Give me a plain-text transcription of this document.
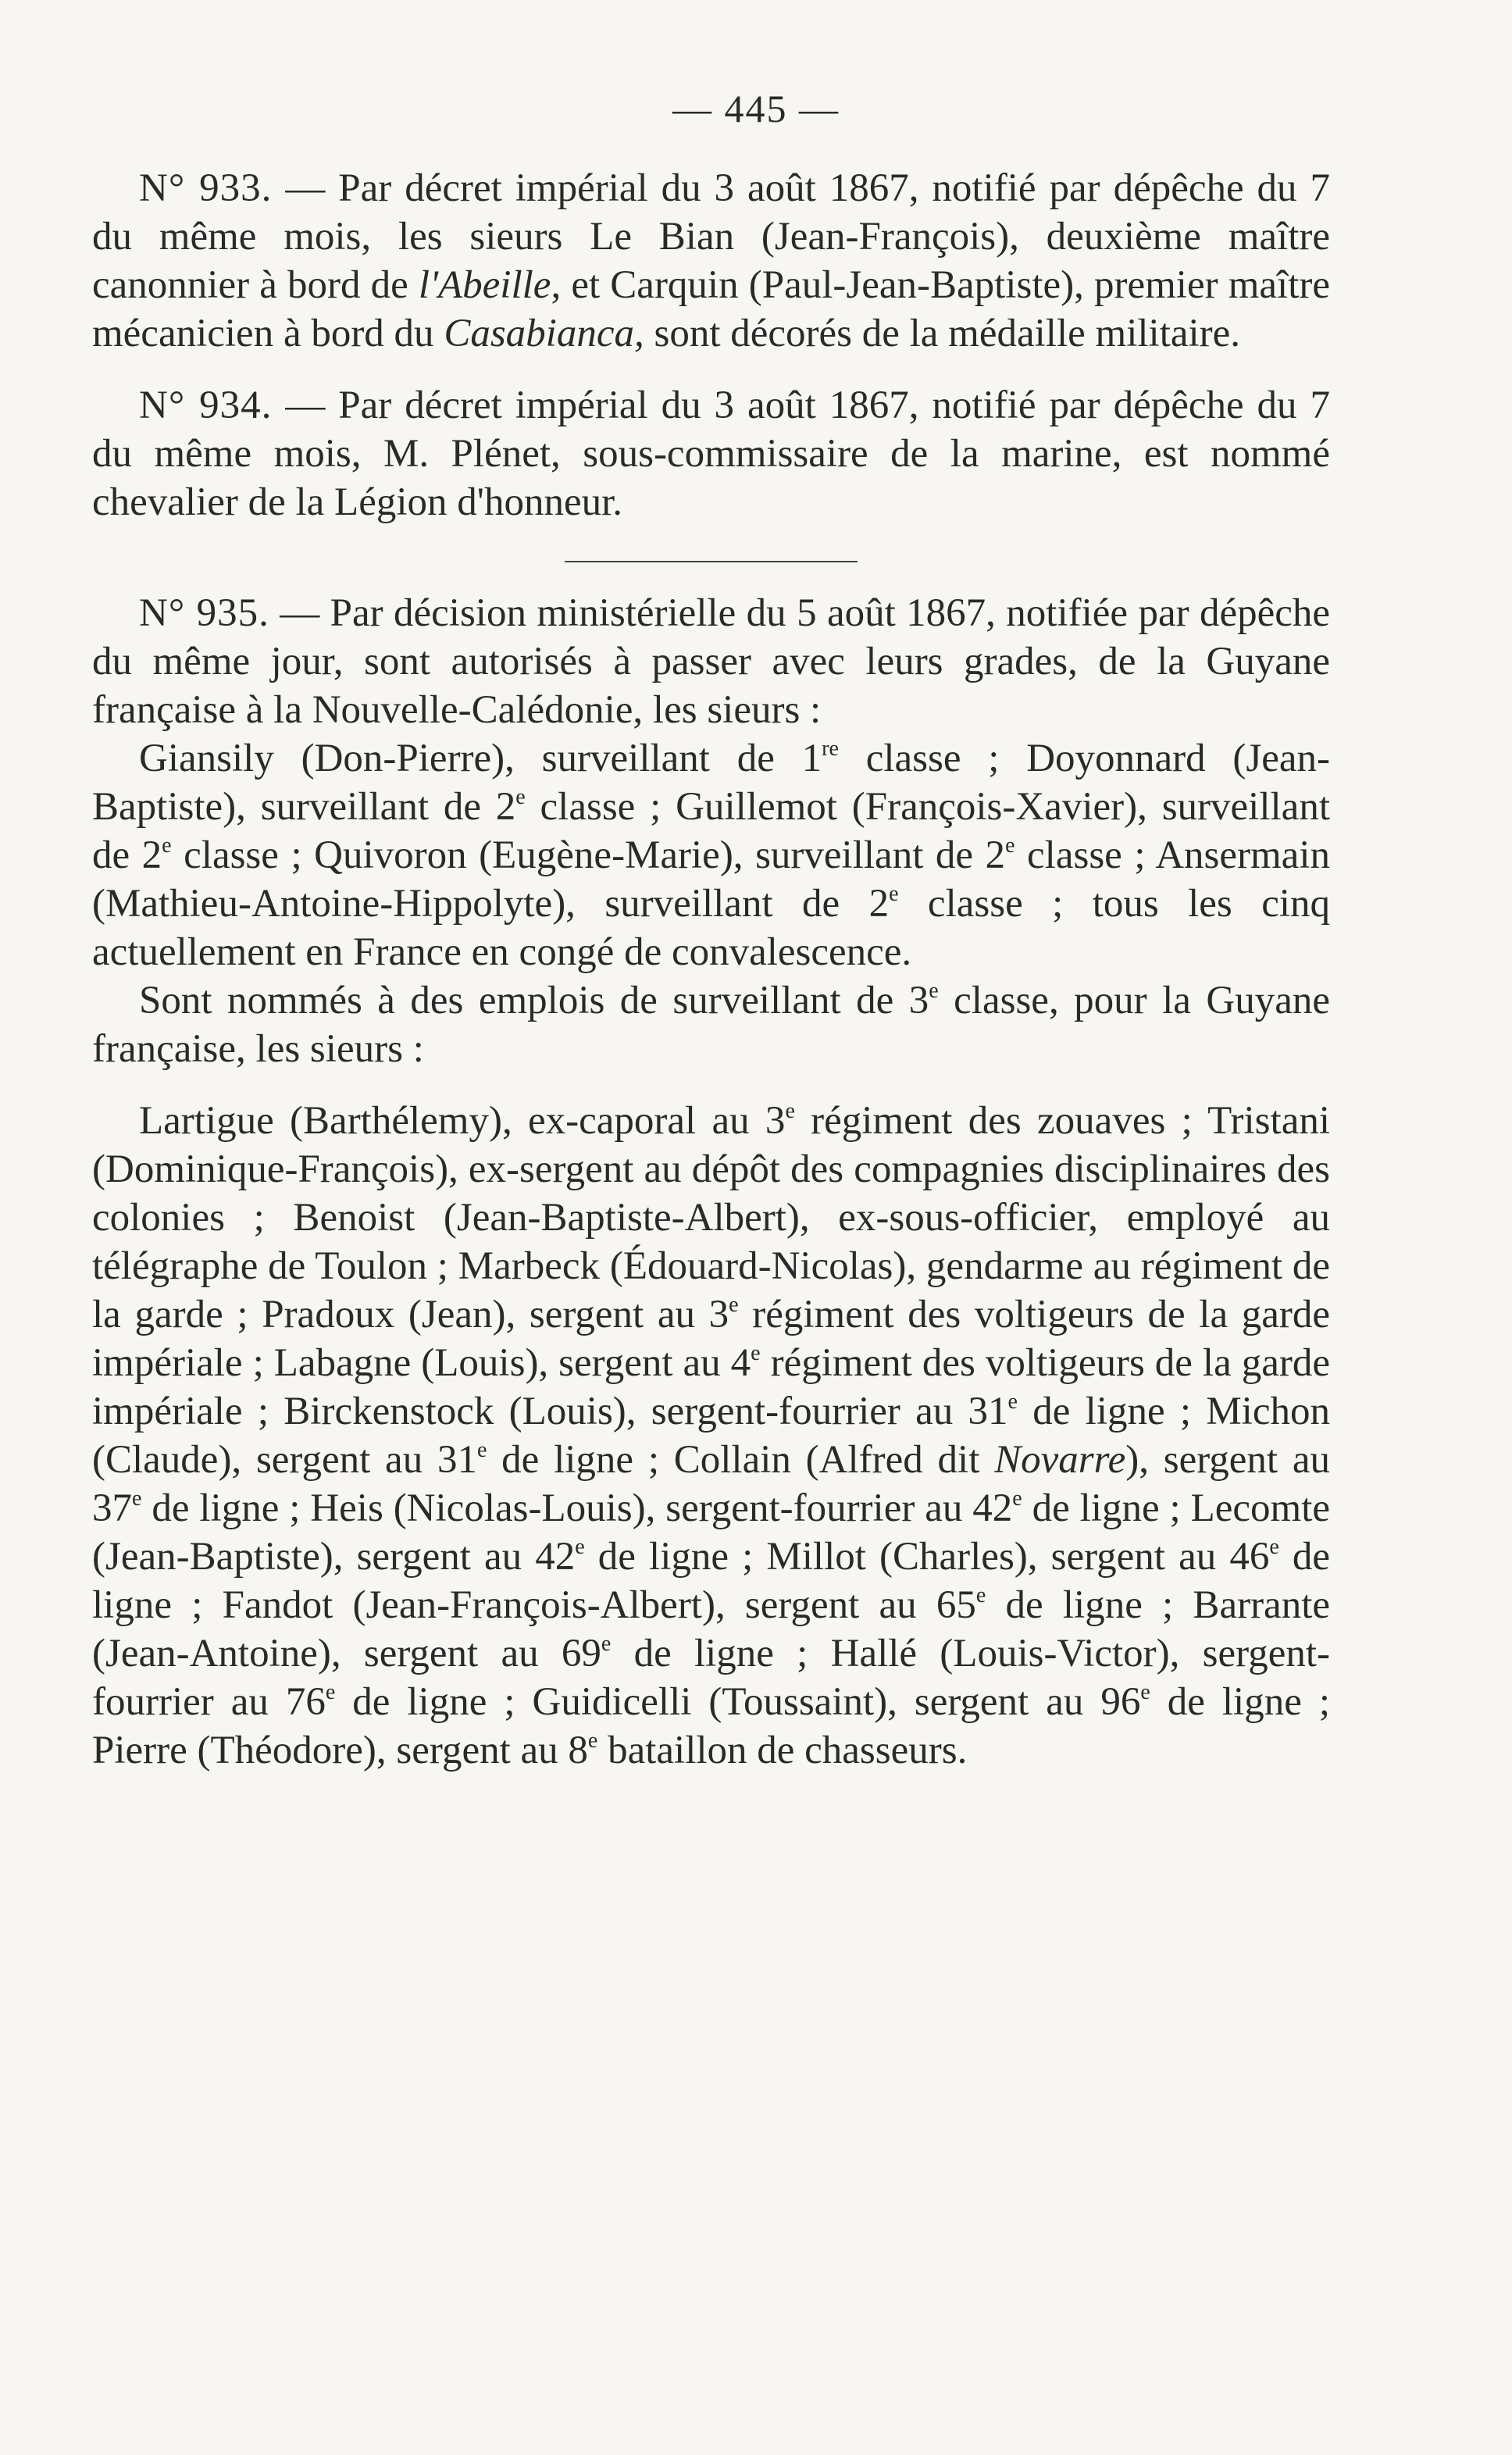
— 445 —

N° 933. — Par décret impérial du 3 août 1867, notifié par dépêche du 7 du même mois, les sieurs Le Bian (Jean-François), deuxième maître canonnier à bord de l'Abeille, et Carquin (Paul-Jean-Baptiste), premier maître mécanicien à bord du Casabianca, sont décorés de la médaille militaire.

N° 934. — Par décret impérial du 3 août 1867, notifié par dépêche du 7 du même mois, M. Plénet, sous-commissaire de la marine, est nommé chevalier de la Légion d'honneur.

N° 935. — Par décision ministérielle du 5 août 1867, notifiée par dépêche du même jour, sont autorisés à passer avec leurs grades, de la Guyane française à la Nouvelle-Calédonie, les sieurs :

Giansily (Don-Pierre), surveillant de 1re classe ; Doyonnard (Jean-Baptiste), surveillant de 2e classe ; Guillemot (François-Xavier), surveillant de 2e classe ; Quivoron (Eugène-Marie), surveillant de 2e classe ; Ansermain (Mathieu-Antoine-Hippolyte), surveillant de 2e classe ; tous les cinq actuellement en France en congé de convalescence.

Sont nommés à des emplois de surveillant de 3e classe, pour la Guyane française, les sieurs :

Lartigue (Barthélemy), ex-caporal au 3e régiment des zouaves ; Tristani (Dominique-François), ex-sergent au dépôt des compagnies disciplinaires des colonies ; Benoist (Jean-Baptiste-Albert), ex-sous-officier, employé au télégraphe de Toulon ; Marbeck (Édouard-Nicolas), gendarme au régiment de la garde ; Pradoux (Jean), sergent au 3e régiment des voltigeurs de la garde impériale ; Labagne (Louis), sergent au 4e régiment des voltigeurs de la garde impériale ; Birckenstock (Louis), sergent-fourrier au 31e de ligne ; Michon (Claude), sergent au 31e de ligne ; Collain (Alfred dit Novarre), sergent au 37e de ligne ; Heis (Nicolas-Louis), sergent-fourrier au 42e de ligne ; Lecomte (Jean-Baptiste), sergent au 42e de ligne ; Millot (Charles), sergent au 46e de ligne ; Fandot (Jean-François-Albert), sergent au 65e de ligne ; Barrante (Jean-Antoine), sergent au 69e de ligne ; Hallé (Louis-Victor), sergent-fourrier au 76e de ligne ; Guidicelli (Toussaint), sergent au 96e de ligne ; Pierre (Théodore), sergent au 8e bataillon de chasseurs.
